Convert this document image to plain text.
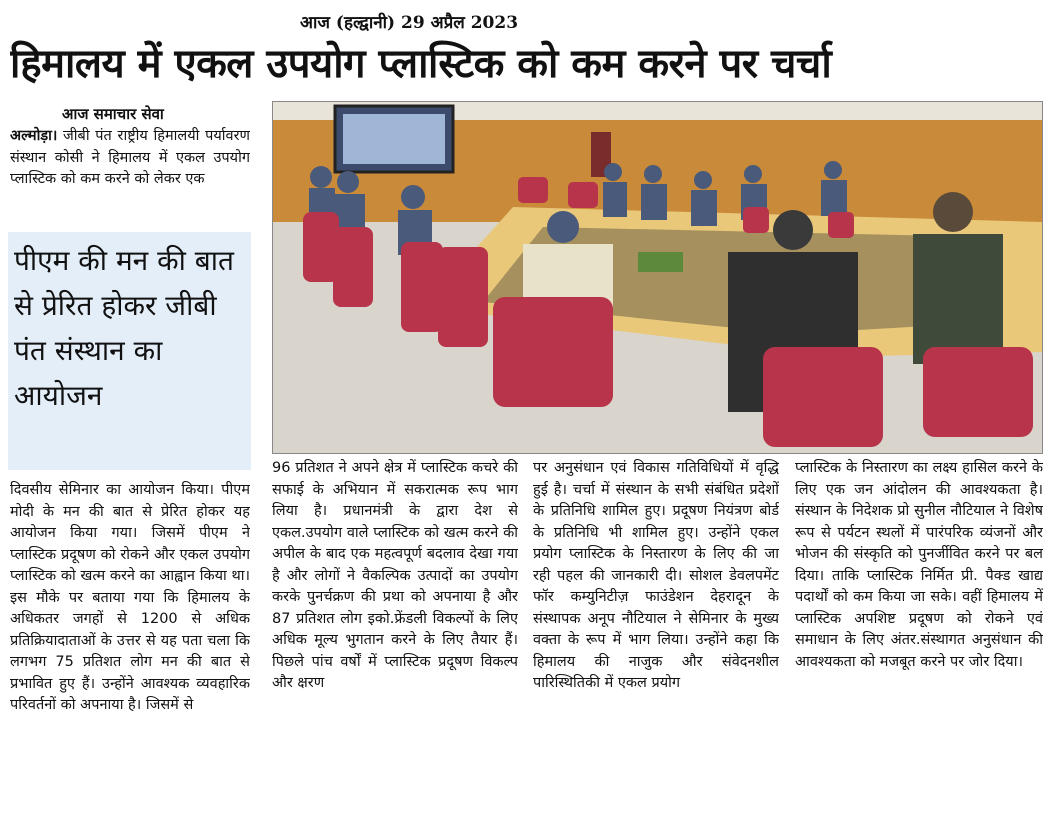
आज (हल्द्वानी) 29 अप्रैल 2023
हिमालय में एकल उपयोग प्लास्टिक को कम करने पर चर्चा
आज समाचार सेवा

अल्मोड़ा। जीबी पंत राष्ट्रीय हिमालयी पर्यावरण संस्थान कोसी ने हिमालय में एकल उपयोग प्लास्टिक को कम करने को लेकर एक

पीएम की मन की बात से प्रेरित होकर जीबी पंत संस्थान का आयोजन

दिवसीय सेमिनार का आयोजन किया। पीएम मोदी के मन की बात से प्रेरित होकर यह आयोजन किया गया। जिसमें पीएम ने प्लास्टिक प्रदूषण को रोकने और एकल उपयोग प्लास्टिक को खत्म करने का आह्वान किया था। इस मौके पर बताया गया कि हिमालय के अधिकतर जगहों से 1200 से अधिक प्रतिक्रियादाताओं के उत्तर से यह पता चला कि लगभग 75 प्रतिशत लोग मन की बात से प्रभावित हुए हैं। उन्होंने आवश्यक व्यवहारिक परिवर्तनों को अपनाया है। जिसमें से

96 प्रतिशत ने अपने क्षेत्र में प्लास्टिक कचरे की सफाई के अभियान में सकरात्मक रूप भाग लिया है। प्रधानमंत्री के द्वारा देश से एकल.उपयोग वाले प्लास्टिक को खत्म करने की अपील के बाद एक महत्वपूर्ण बदलाव देखा गया है और लोगों ने वैकल्पिक उत्पादों का उपयोग करके पुनर्चक्रण की प्रथा को अपनाया है और 87 प्रतिशत लोग इको.फ्रेंडली विकल्पों के लिए अधिक मूल्य भुगतान करने के लिए तैयार हैं। पिछले पांच वर्षों में प्लास्टिक प्रदूषण विकल्प और क्षरण

पर अनुसंधान एवं विकास गतिविधियों में वृद्धि हुई है। चर्चा में संस्थान के सभी संबंधित प्रदेशों के प्रतिनिधि शामिल हुए। प्रदूषण नियंत्रण बोर्ड के प्रतिनिधि भी शामिल हुए। उन्होंने एकल प्रयोग प्लास्टिक के निस्तारण के लिए की जा रही पहल की जानकारी दी। सोशल डेवलपमेंट फॉर कम्युनिटीज़ फाउंडेशन देहरादून के संस्थापक अनूप नौटियाल ने सेमिनार के मुख्य वक्ता के रूप में भाग लिया। उन्होंने कहा कि हिमालय की नाजुक और संवेदनशील पारिस्थितिकी में एकल प्रयोग

प्लास्टिक के निस्तारण का लक्ष्य हासिल करने के लिए एक जन आंदोलन की आवश्यकता है। संस्थान के निदेशक प्रो सुनील नौटियाल ने विशेष रूप से पर्यटन स्थलों में पारंपरिक व्यंजनों और भोजन की संस्कृति को पुनर्जीवित करने पर बल दिया। ताकि प्लास्टिक निर्मित प्री. पैक्ड खाद्य पदार्थों को कम किया जा सके। वहीं हिमालय में प्लास्टिक अपशिष्ट प्रदूषण को रोकने एवं समाधान के लिए अंतर.संस्थागत अनुसंधान की आवश्यकता को मजबूत करने पर जोर दिया।
